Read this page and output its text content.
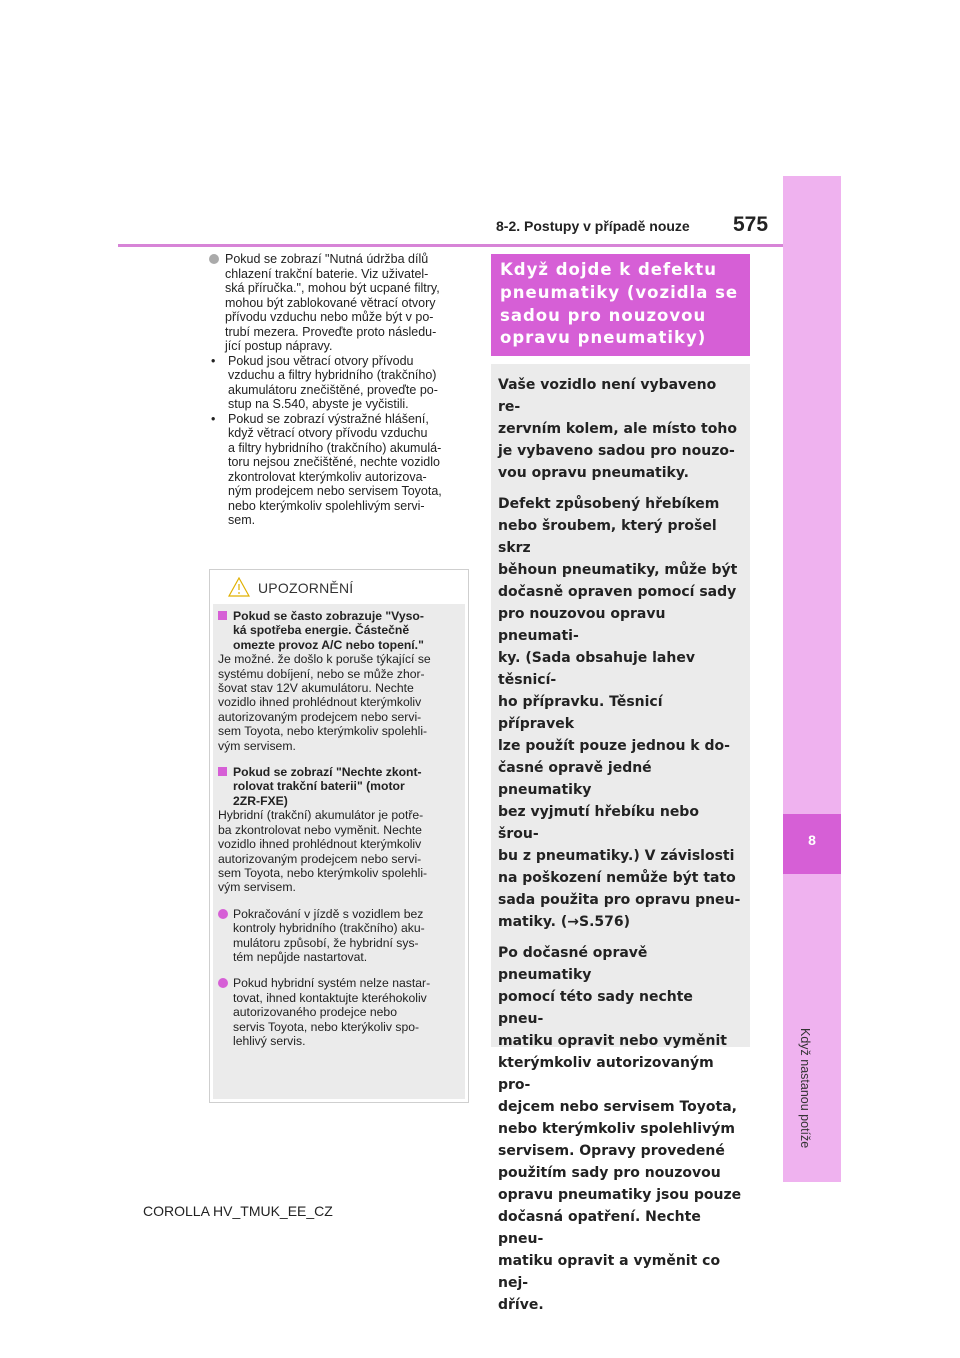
8
Když nastanou potíže
8-2. Postupy v případě nouze 575
Pokud se zobrazí "Nutná údržba dílů
chlazení trakční baterie. Viz uživatel-
ská příručka.", mohou být ucpané filtry,
mohou být zablokované větrací otvory
přívodu vzduchu nebo může být v po-
trubí mezera. Proveďte proto následu-
jící postup nápravy.
• Pokud jsou větrací otvory přívodu
vzduchu a filtry hybridního (trakčního)
akumulátoru znečištěné, proveďte po-
stup na S.540, abyste je vyčistili.
• Pokud se zobrazí výstražné hlášení,
když větrací otvory přívodu vzduchu
a filtry hybridního (trakčního) akumulá-
toru nejsou znečištěné, nechte vozidlo
zkontrolovat kterýmkoliv autorizova-
ným prodejcem nebo servisem Toyota,
nebo kterýmkoliv spolehlivým servi-
sem.
UPOZORNĚNÍ
Pokud se často zobrazuje "Vyso-
ká spotřeba energie. Částečně
omezte provoz A/C nebo topení."
Je možné. že došlo k poruše týkající se
systému dobíjení, nebo se může zhor-
šovat stav 12V akumulátoru. Nechte
vozidlo ihned prohlédnout kterýmkoliv
autorizovaným prodejcem nebo servi-
sem Toyota, nebo kterýmkoliv spolehli-
vým servisem.
Pokud se zobrazí "Nechte zkont-
rolovat trakční baterii" (motor
2ZR-FXE)
Hybridní (trakční) akumulátor je potře-
ba zkontrolovat nebo vyměnit. Nechte
vozidlo ihned prohlédnout kterýmkoliv
autorizovaným prodejcem nebo servi-
sem Toyota, nebo kterýmkoliv spolehli-
vým servisem.
Pokračování v jízdě s vozidlem bez
kontroly hybridního (trakčního) aku-
mulátoru způsobí, že hybridní sys-
tém nepůjde nastartovat.
Pokud hybridní systém nelze nastar-
tovat, ihned kontaktujte kteréhokoliv
autorizovaného prodejce nebo
servis Toyota, nebo kterýkoliv spo-
lehlivý servis.
Když dojde k defektu
pneumatiky (vozidla se
sadou pro nouzovou
opravu pneumatiky)

Vaše vozidlo není vybaveno re-
zervním kolem, ale místo toho
je vybaveno sadou pro nouzo-
vou opravu pneumatiky.

Defekt způsobený hřebíkem
nebo šroubem, který prošel skrz
běhoun pneumatiky, může být
dočasně opraven pomocí sady
pro nouzovou opravu pneumati-
ky. (Sada obsahuje lahev těsnicí-
ho přípravku. Těsnicí přípravek
lze použít pouze jednou k do-
časné opravě jedné pneumatiky
bez vyjmutí hřebíku nebo šrou-
bu z pneumatiky.) V závislosti
na poškození nemůže být tato
sada použita pro opravu pneu-
matiky. (→S.576)

Po dočasné opravě pneumatiky
pomocí této sady nechte pneu-
matiku opravit nebo vyměnit
kterýmkoliv autorizovaným pro-
dejcem nebo servisem Toyota,
nebo kterýmkoliv spolehlivým
servisem. Opravy provedené
použitím sady pro nouzovou
opravu pneumatiky jsou pouze
dočasná opatření. Nechte pneu-
matiku opravit a vyměnit co nej-
dříve.

COROLLA HV_TMUK_EE_CZ
